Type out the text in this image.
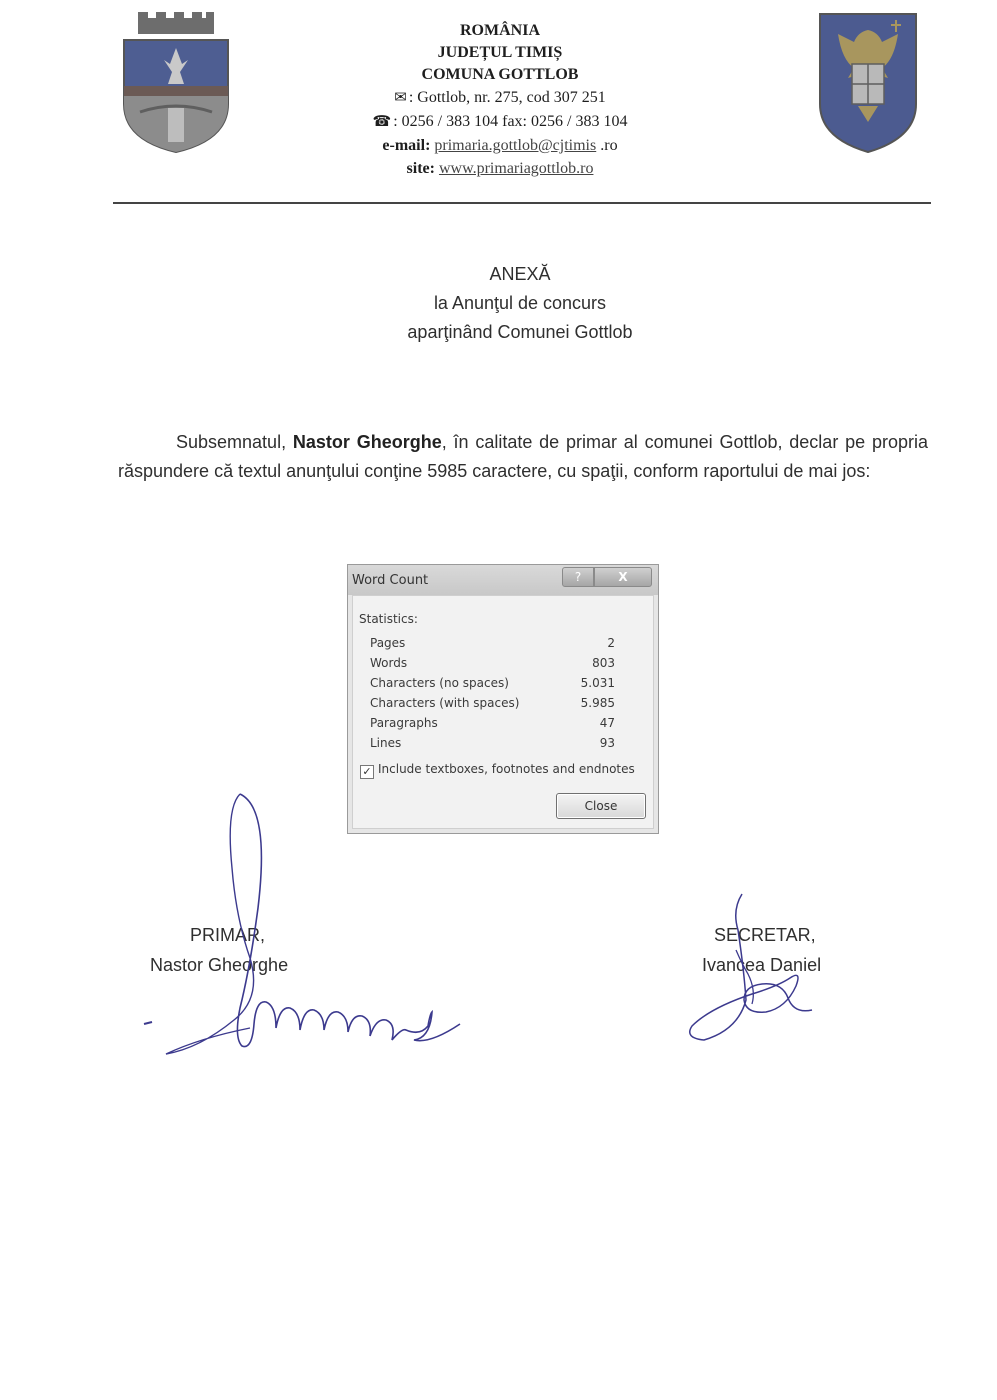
ROMÂNIA
JUDEȚUL TIMIȘ
COMUNA GOTTLOB
✉ : Gottlob, nr. 275, cod 307 251
☎ : 0256 / 383 104 fax: 0256 / 383 104
e-mail: primaria.gottlob@cjtimis .ro
site: www.primariagottlob.ro
ANEXĂ
la Anunţul de concurs
aparţinând Comunei Gottlob
Subsemnatul, Nastor Gheorghe, în calitate de primar al comunei Gottlob, declar pe propria răspundere că textul anunţului conţine 5985 caractere, cu spaţii, conform raportului de mai jos:
Word Count	?	X
Statistics:
Pages	2
Words	803
Characters (no spaces)	5.031
Characters (with spaces)	5.985
Paragraphs	47
Lines	93
✓ Include textboxes, footnotes and endnotes
Close
PRIMAR,
Nastor Gheorghe
SECRETAR,
Ivancea Daniel
